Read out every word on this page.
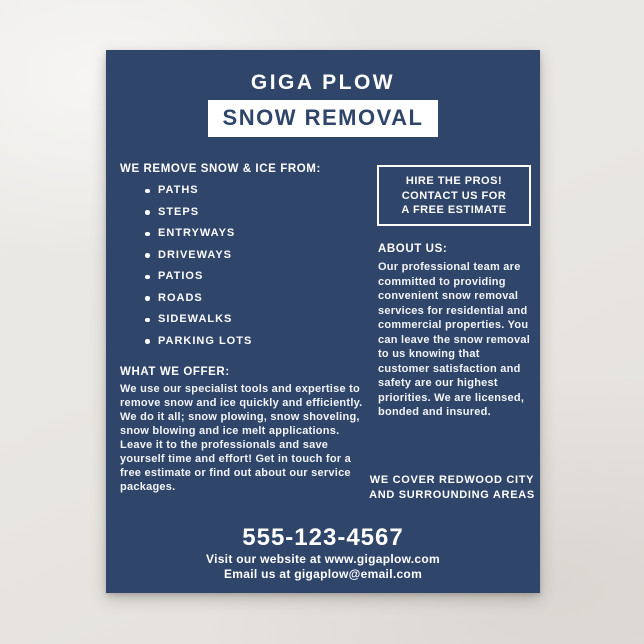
GIGA PLOW
SNOW REMOVAL
WE REMOVE SNOW & ICE FROM:
PATHS
STEPS
ENTRYWAYS
DRIVEWAYS
PATIOS
ROADS
SIDEWALKS
PARKING LOTS
WHAT WE OFFER:
We use our specialist tools and expertise to remove snow and ice quickly and efficiently. We do it all; snow plowing, snow shoveling, snow blowing and ice melt applications. Leave it to the professionals and save yourself time and effort! Get in touch for a free estimate or find out about our service packages.
HIRE THE PROS!
CONTACT US FOR
A FREE ESTIMATE
ABOUT US:
Our professional team are committed to providing convenient snow removal services for residential and commercial properties. You can leave the snow removal to us knowing that customer satisfaction and safety are our highest priorities. We are licensed, bonded and insured.
WE COVER REDWOOD CITY AND SURROUNDING AREAS
555-123-4567
Visit our website at www.gigaplow.com
Email us at gigaplow@email.com
